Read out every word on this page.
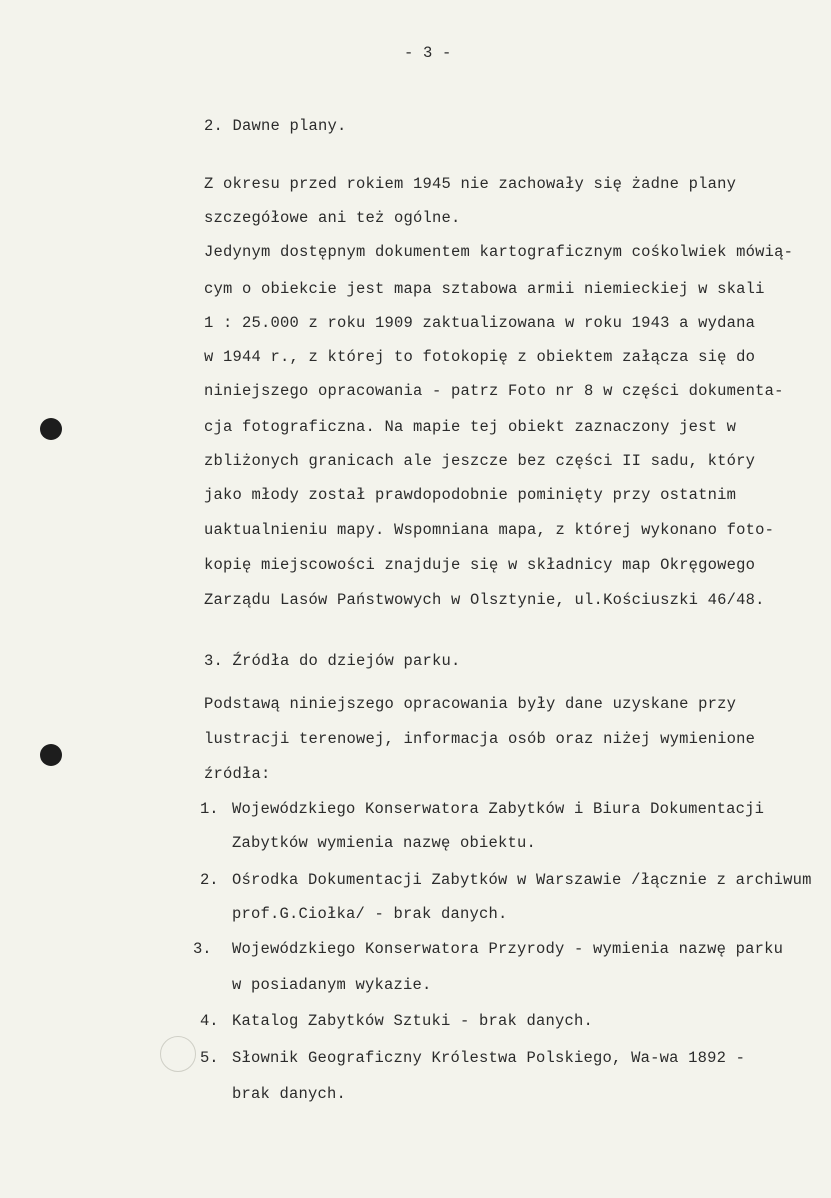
- 3 -
2. Dawne plany.
Z okresu przed rokiem 1945 nie zachowały się żadne plany
szczegółowe ani też ogólne.
Jedynym dostępnym dokumentem kartograficznym cośkolwiek mówią-
cym o obiekcie jest mapa sztabowa armii niemieckiej w skali
1 : 25.000 z roku 1909 zaktualizowana w roku 1943 a wydana
w 1944 r., z której to fotokopię z obiektem załącza się do
niniejszego opracowania - patrz Foto nr 8 w części dokumenta-
cja fotograficzna. Na mapie tej obiekt zaznaczony jest w
zbliżonych granicach ale jeszcze bez części II sadu, który
jako młody został prawdopodobnie pominięty przy ostatnim
uaktualnieniu mapy. Wspomniana mapa, z której wykonano foto-
kopię miejscowości znajduje się w składnicy map Okręgowego
Zarządu Lasów Państwowych w Olsztynie, ul.Kościuszki 46/48.
3. Źródła do dziejów parku.
Podstawą niniejszego opracowania były dane uzyskane przy
lustracji terenowej, informacja osób oraz niżej wymienione
źródła:
1. Wojewódzkiego Konserwatora Zabytków i Biura Dokumentacji
Zabytków wymienia nazwę obiektu.
2. Ośrodka Dokumentacji Zabytków w Warszawie /łącznie z archiwum
prof.G.Ciołka/ - brak danych.
3. Wojewódzkiego Konserwatora Przyrody - wymienia nazwę parku
w posiadanym wykazie.
4. Katalog Zabytków Sztuki - brak danych.
5. Słownik Geograficzny Królestwa Polskiego, Wa-wa 1892 -
brak danych.
